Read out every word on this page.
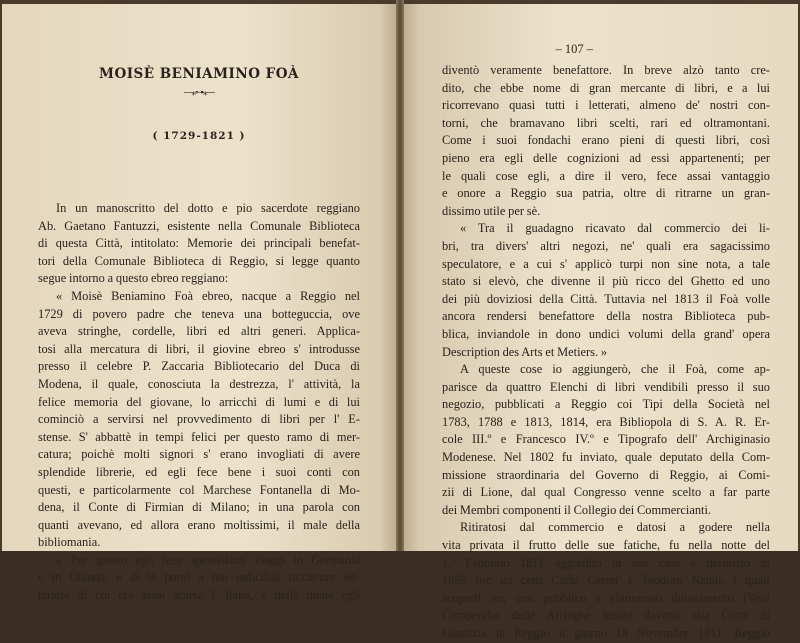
MOISÈ BENIAMINO FOÀ
—⁎⊶⁎—
( 1729-1821 )
In un manoscritto del dotto e pio sacerdote reggiano
Ab. Gaetano Fantuzzi, esistente nella Comunale Biblioteca
di questa Città, intitolato: Memorie dei principali benefat-
tori della Comunale Biblioteca di Reggio, si legge quanto
segue intorno a questo ebreo reggiano:
« Moisè Beniamino Foà ebreo, nacque a Reggio nel
1729 di povero padre che teneva una botteguccia, ove
aveva stringhe, cordelle, libri ed altri generi. Applica-
tosi alla mercatura di libri, il giovine ebreo s' introdusse
presso il celebre P. Zaccaria Bibliotecario del Duca di
Modena, il quale, conosciuta la destrezza, l' attività, la
felice memoria del giovane, lo arricchì di lumi e di lui
cominciò a servirsi nel provvedimento di libri per l' E-
stense. S' abbattè in tempi felici per questo ramo di mer-
catura; poichè molti signori s' erano invogliati di avere
splendide librerie, ed egli fece bene i suoi conti con
questi, e particolarmente col Marchese Fontanella di Mo-
dena, il Conte di Firmian di Milano; in una parola con
quanti avevano, ed allora erano moltissimi, il male della
bibliomania.
« Per questo egli fece spessissimi viaggi in Germania
e in Olanda, e di là portò a noi indicibili ricchezze let-
terarie di cui era assai scarsa l' Italia, e della quale egli
– 107 –
diventò veramente benefattore. In breve alzò tanto cre-
dito, che ebbe nome di gran mercante di libri, e a lui
ricorrevano quasi tutti i letterati, almeno de' nostri con-
torni, che bramavano libri scelti, rari ed oltramontani.
Come i suoi fondachi erano pieni di questi libri, così
pieno era egli delle cognizioni ad essi appartenenti; per
le quali cose egli, a dire il vero, fece assai vantaggio
e onore a Reggio sua patria, oltre di ritrarne un gran-
dissimo utile per sè.
« Tra il guadagno ricavato dal commercio dei li-
bri, tra divers' altri negozi, ne' quali era sagacissimo
speculatore, e a cui s' applicò turpi non sine nota, a tale
stato si elevò, che divenne il più ricco del Ghetto ed uno
dei più doviziosi della Città. Tuttavia nel 1813 il Foà volle
ancora rendersi benefattore della nostra Biblioteca pub-
blica, inviandole in dono undici volumi della grand' opera
Description des Arts et Metiers. »
A queste cose io aggiungerò, che il Foà, come ap-
parisce da quattro Elenchi di libri vendibili presso il suo
negozio, pubblicati a Reggio coi Tipi della Società nel
1783, 1788 e 1813, 1814, era Bibliopola di S. A. R. Er-
cole III.º e Francesco IV.º e Tipografo dell' Archiginasio
Modenese. Nel 1802 fu inviato, quale deputato della Com-
missione straordinaria del Governo di Reggio, ai Comi-
zii di Lione, dal qual Congresso venne scelto a far parte
dei Membri componenti il Collegio dei Commercianti.
Ritiratosi dal commercio e datosi a godere nella
vita privata il frutto delle sue fatiche, fu nella notte del
1.º Febbraio 1811 aggredito in sua casa e derubato di
1955 lire da certi Carlo Carrer e Teodoro Natali, i quali
scoperti rei, con pubblico e clamoroso dibattimento (Vedi
Compendio delle Arringhe tenute davanti alla Corte di
Giustizia in Reggio il giorno 18 Novembre 1811. Reggio
